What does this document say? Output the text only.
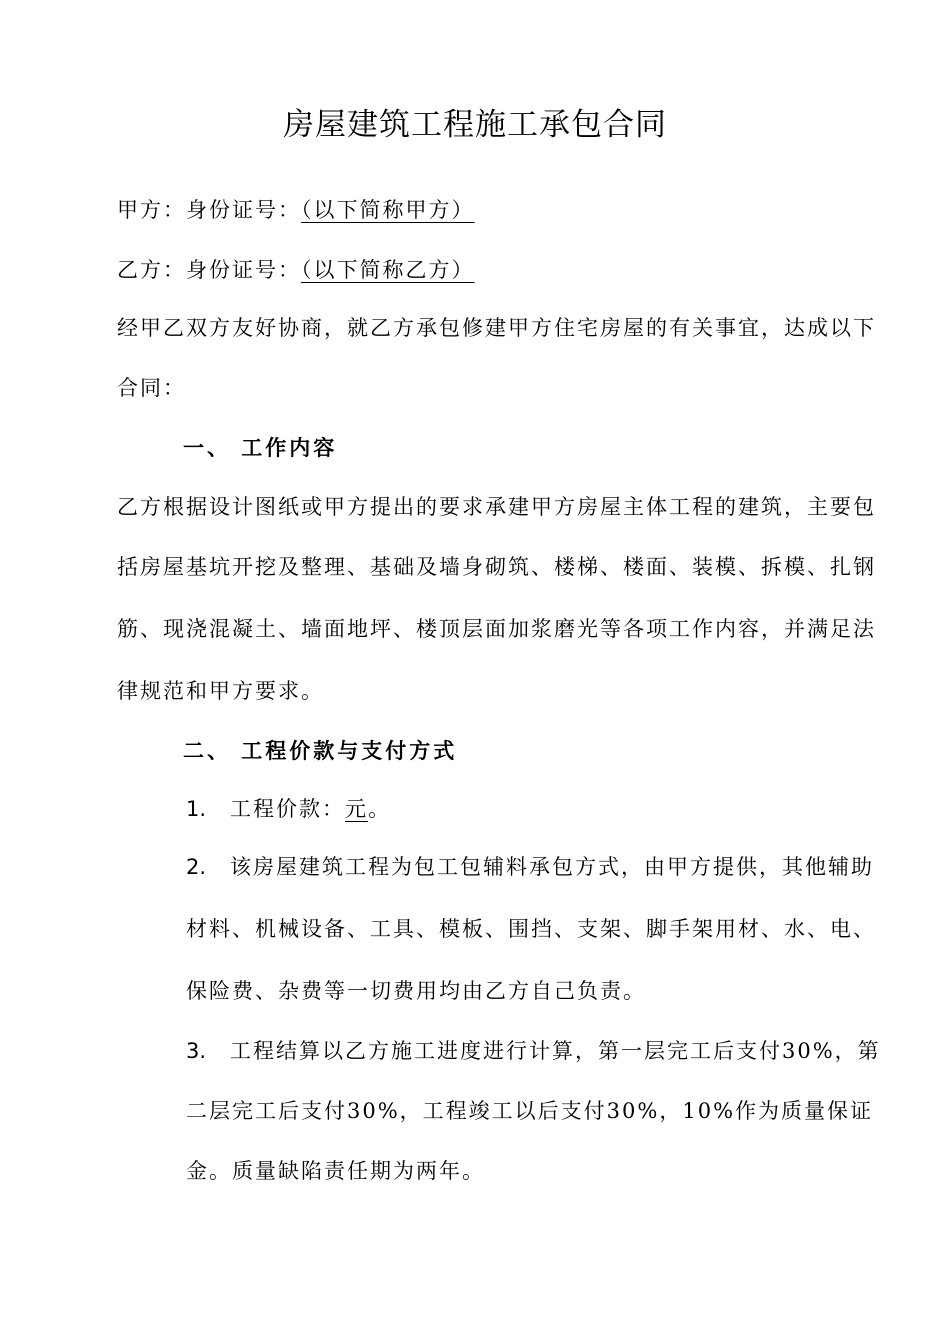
房屋建筑工程施工承包合同
甲方：身份证号：（以下简称甲方）
乙方：身份证号：（以下简称乙方）
经甲乙双方友好协商，就乙方承包修建甲方住宅房屋的有关事宜，达成以下
合同：
一、 工作内容
乙方根据设计图纸或甲方提出的要求承建甲方房屋主体工程的建筑，主要包
括房屋基坑开挖及整理、基础及墙身砌筑、楼梯、楼面、装模、拆模、扎钢
筋、现浇混凝土、墙面地坪、楼顶层面加浆磨光等各项工作内容，并满足法
律规范和甲方要求。
二、 工程价款与支付方式
1. 工程价款：元。
2. 该房屋建筑工程为包工包辅料承包方式，由甲方提供，其他辅助
材料、机械设备、工具、模板、围挡、支架、脚手架用材、水、电、
保险费、杂费等一切费用均由乙方自己负责。
3. 工程结算以乙方施工进度进行计算，第一层完工后支付30%，第
二层完工后支付30%，工程竣工以后支付30%，10%作为质量保证
金。质量缺陷责任期为两年。
